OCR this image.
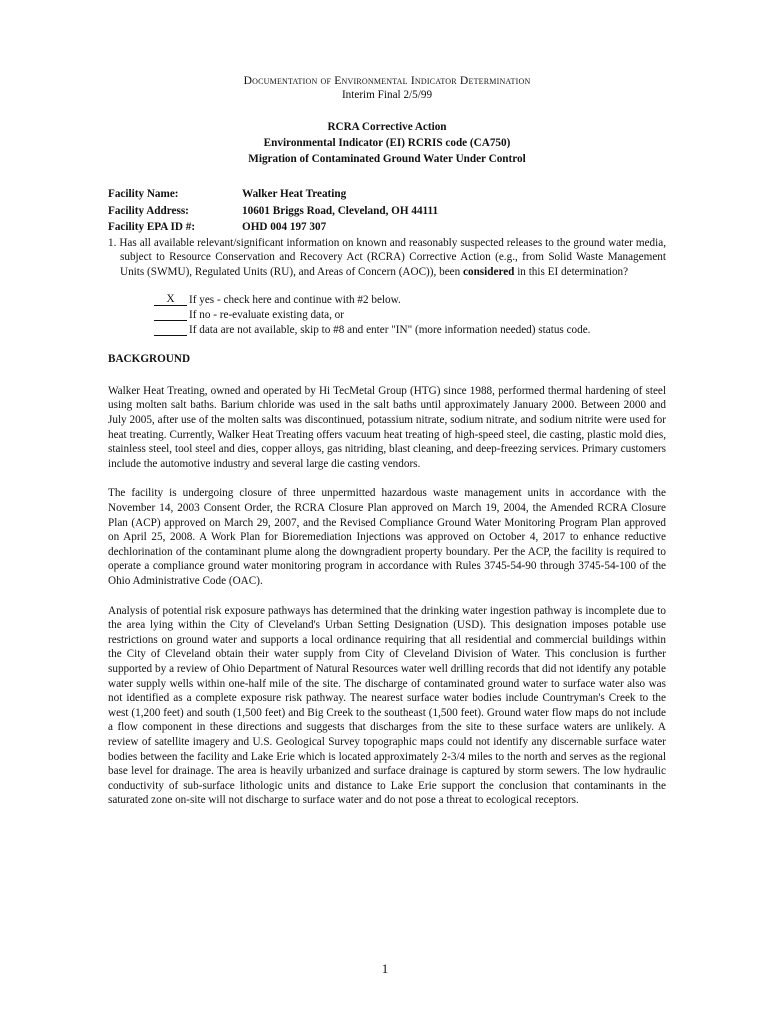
Documentation of Environmental Indicator Determination

Interim Final 2/5/99

RCRA Corrective Action

Environmental Indicator (EI) RCRIS code (CA750)

Migration of Contaminated Ground Water Under Control

Facility Name:	Walker Heat Treating
Facility Address:	10601 Briggs Road, Cleveland, OH 44111
Facility EPA ID #:	OHD 004 197 307

1. Has all available relevant/significant information on known and reasonably suspected releases to the ground water media, subject to Resource Conservation and Recovery Act (RCRA) Corrective Action (e.g., from Solid Waste Management Units (SWMU), Regulated Units (RU), and Areas of Concern (AOC)), been considered in this EI determination?

X	If yes - check here and continue with #2 below.
If no - re-evaluate existing data, or
If data are not available, skip to #8 and enter "IN" (more information needed) status code.
BACKGROUND

Walker Heat Treating, owned and operated by Hi TecMetal Group (HTG) since 1988, performed thermal hardening of steel using molten salt baths. Barium chloride was used in the salt baths until approximately January 2000. Between 2000 and July 2005, after use of the molten salts was discontinued, potassium nitrate, sodium nitrate, and sodium nitrite were used for heat treating. Currently, Walker Heat Treating offers vacuum heat treating of high-speed steel, die casting, plastic mold dies, stainless steel, tool steel and dies, copper alloys, gas nitriding, blast cleaning, and deep-freezing services. Primary customers include the automotive industry and several large die casting vendors.

The facility is undergoing closure of three unpermitted hazardous waste management units in accordance with the November 14, 2003 Consent Order, the RCRA Closure Plan approved on March 19, 2004, the Amended RCRA Closure Plan (ACP) approved on March 29, 2007, and the Revised Compliance Ground Water Monitoring Program Plan approved on April 25, 2008. A Work Plan for Bioremediation Injections was approved on October 4, 2017 to enhance reductive dechlorination of the contaminant plume along the downgradient property boundary. Per the ACP, the facility is required to operate a compliance ground water monitoring program in accordance with Rules 3745-54-90 through 3745-54-100 of the Ohio Administrative Code (OAC).

Analysis of potential risk exposure pathways has determined that the drinking water ingestion pathway is incomplete due to the area lying within the City of Cleveland's Urban Setting Designation (USD). This designation imposes potable use restrictions on ground water and supports a local ordinance requiring that all residential and commercial buildings within the City of Cleveland obtain their water supply from City of Cleveland Division of Water. This conclusion is further supported by a review of Ohio Department of Natural Resources water well drilling records that did not identify any potable water supply wells within one-half mile of the site. The discharge of contaminated ground water to surface water also was not identified as a complete exposure risk pathway. The nearest surface water bodies include Countryman's Creek to the west (1,200 feet) and south (1,500 feet) and Big Creek to the southeast (1,500 feet). Ground water flow maps do not include a flow component in these directions and suggests that discharges from the site to these surface waters are unlikely. A review of satellite imagery and U.S. Geological Survey topographic maps could not identify any discernable surface water bodies between the facility and Lake Erie which is located approximately 2-3/4 miles to the north and serves as the regional base level for drainage. The area is heavily urbanized and surface drainage is captured by storm sewers. The low hydraulic conductivity of sub-surface lithologic units and distance to Lake Erie support the conclusion that contaminants in the saturated zone on-site will not discharge to surface water and do not pose a threat to ecological receptors.

1
